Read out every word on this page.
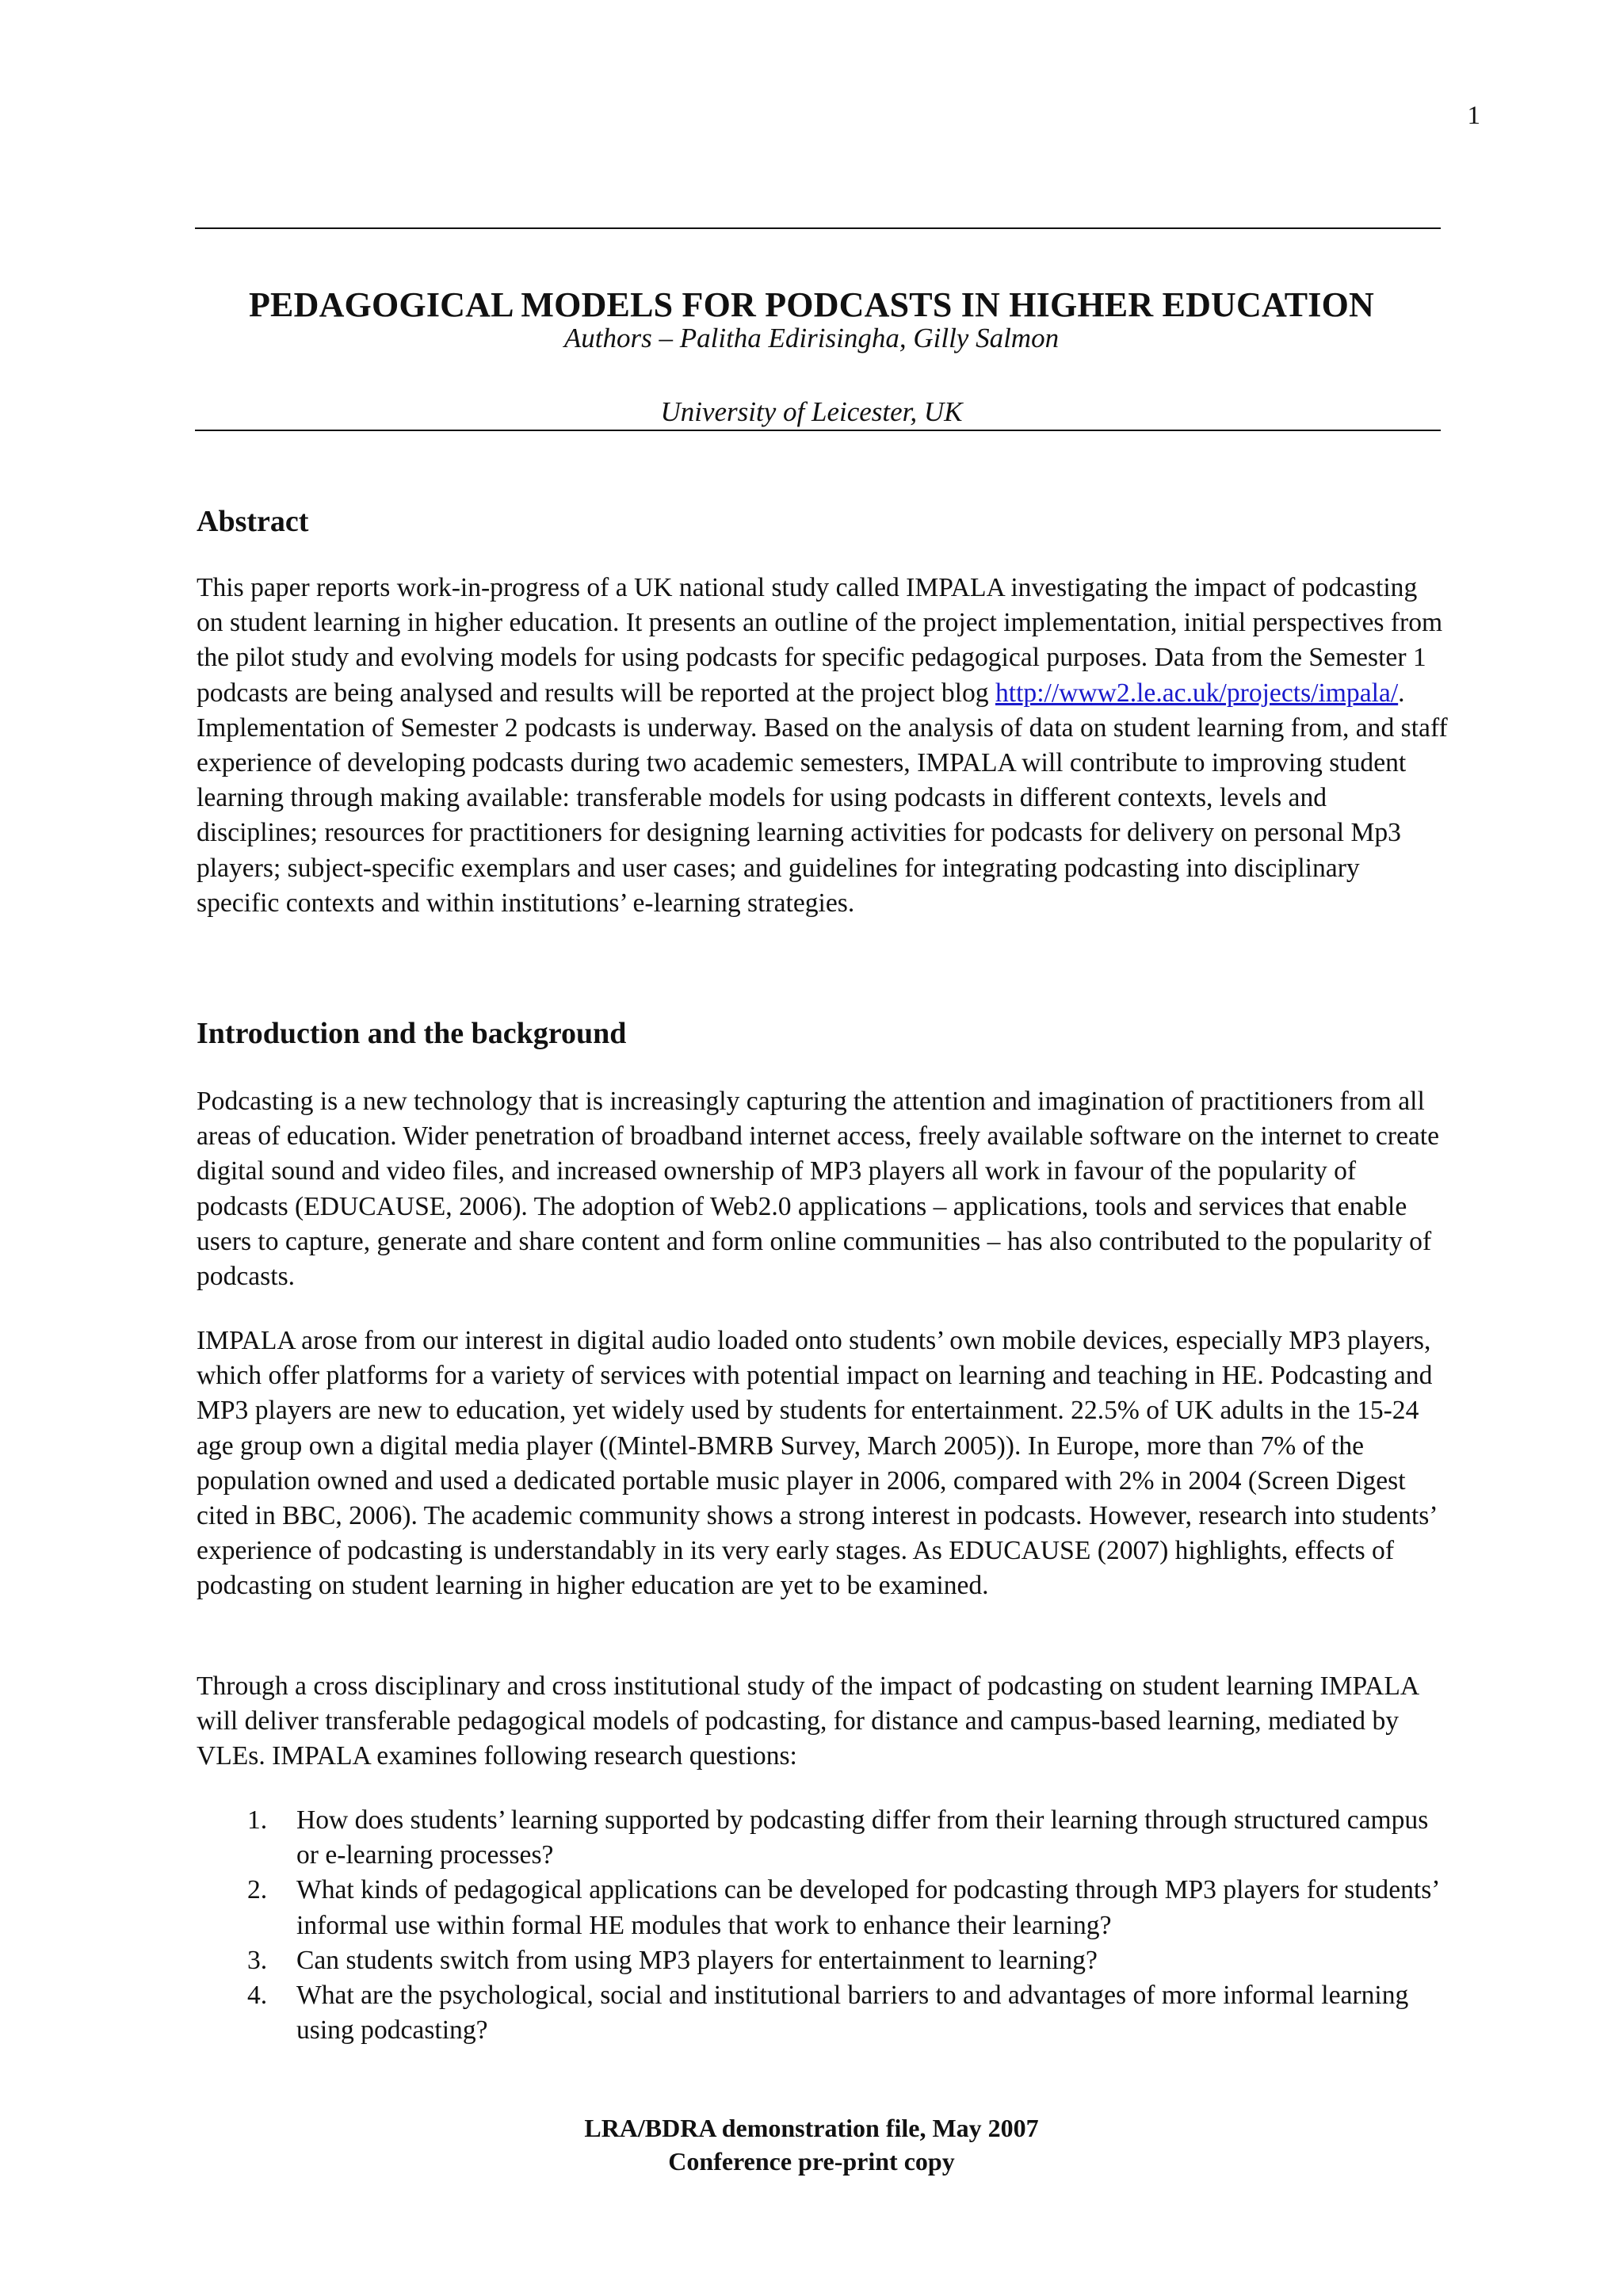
1
PEDAGOGICAL MODELS FOR PODCASTS IN HIGHER EDUCATION
Authors – Palitha Edirisingha, Gilly Salmon
University of Leicester, UK
Abstract

This paper reports work-in-progress of a UK national study called IMPALA investigating the impact of podcasting on student learning in higher education. It presents an outline of the project implementation, initial perspectives from the pilot study and evolving models for using podcasts for specific pedagogical purposes. Data from the Semester 1 podcasts are being analysed and results will be reported at the project blog http://www2.le.ac.uk/projects/impala/. Implementation of Semester 2 podcasts is underway. Based on the analysis of data on student learning from, and staff experience of developing podcasts during two academic semesters, IMPALA will contribute to improving student learning through making available: transferable models for using podcasts in different contexts, levels and disciplines; resources for practitioners for designing learning activities for podcasts for delivery on personal Mp3 players; subject-specific exemplars and user cases; and guidelines for integrating podcasting into disciplinary specific contexts and within institutions’ e-learning strategies.

Introduction and the background

Podcasting is a new technology that is increasingly capturing the attention and imagination of practitioners from all areas of education. Wider penetration of broadband internet access, freely available software on the internet to create digital sound and video files, and increased ownership of MP3 players all work in favour of the popularity of podcasts (EDUCAUSE, 2006). The adoption of Web2.0 applications – applications, tools and services that enable users to capture, generate and share content and form online communities – has also contributed to the popularity of podcasts.

IMPALA arose from our interest in digital audio loaded onto students’ own mobile devices, especially MP3 players, which offer platforms for a variety of services with potential impact on learning and teaching in HE. Podcasting and MP3 players are new to education, yet widely used by students for entertainment. 22.5% of UK adults in the 15-24 age group own a digital media player ((Mintel-BMRB Survey, March 2005)). In Europe, more than 7% of the population owned and used a dedicated portable music player in 2006, compared with 2% in 2004 (Screen Digest cited in BBC, 2006). The academic community shows a strong interest in podcasts. However, research into students’ experience of podcasting is understandably in its very early stages. As EDUCAUSE (2007) highlights, effects of podcasting on student learning in higher education are yet to be examined.

Through a cross disciplinary and cross institutional study of the impact of podcasting on student learning IMPALA will deliver transferable pedagogical models of podcasting, for distance and campus-based learning, mediated by VLEs. IMPALA examines following research questions:

1. How does students’ learning supported by podcasting differ from their learning through structured campus or e-learning processes?
2. What kinds of pedagogical applications can be developed for podcasting through MP3 players for students’ informal use within formal HE modules that work to enhance their learning?
3. Can students switch from using MP3 players for entertainment to learning?
4. What are the psychological, social and institutional barriers to and advantages of more informal learning using podcasting?
LRA/BDRA demonstration file, May 2007
Conference pre-print copy
